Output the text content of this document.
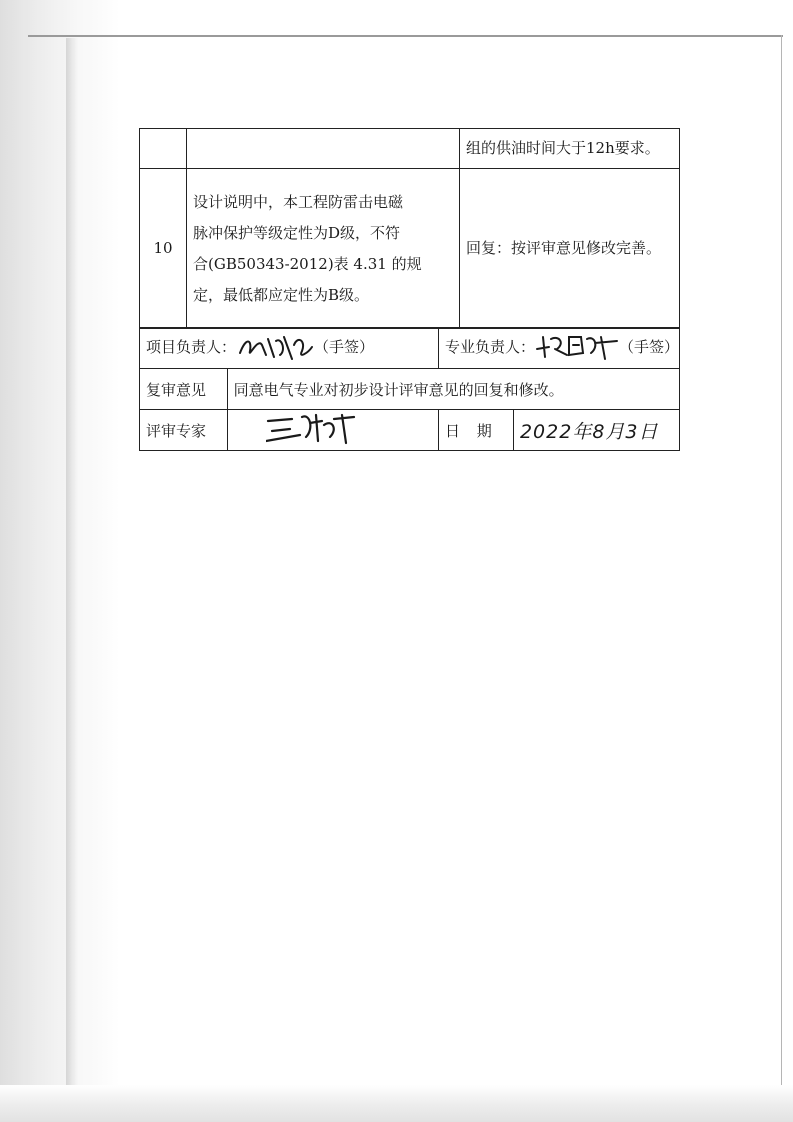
		组的供油时间大于12h要求。
10	设计说明中，本工程防雷击电磁
脉冲保护等级定性为D级，不符
合(GB50343-2012)表 4.31 的规
定，最低都应定性为B级。	回复：按评审意见修改完善。
项目负责人： （手签）		专业负责人： （手签）	
复审意见	同意电气专业对初步设计评审意见的回复和修改。		
评审专家		日 期	2022年8月3日
